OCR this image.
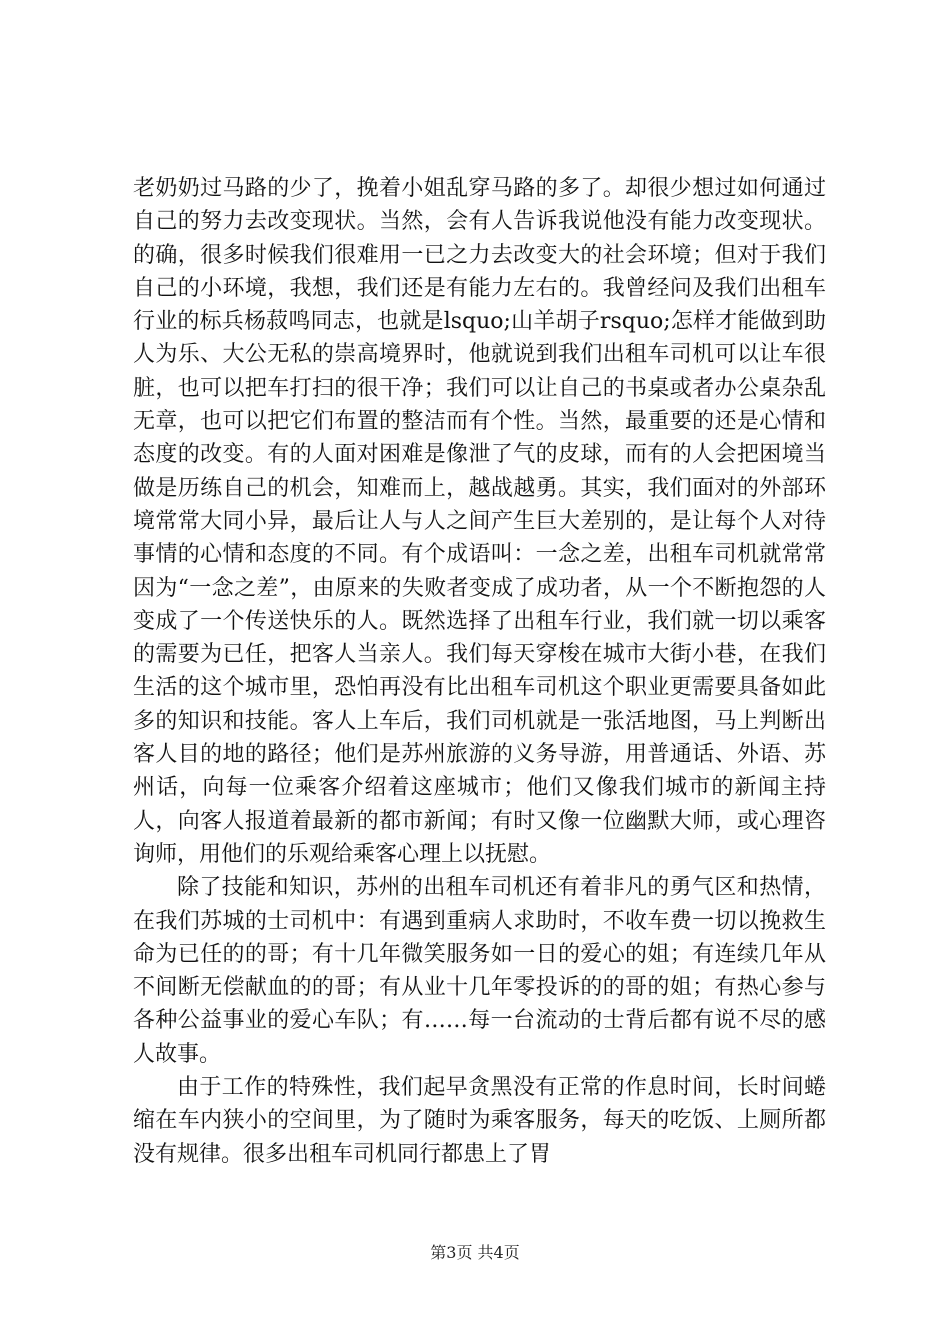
老奶奶过马路的少了，挽着小姐乱穿马路的多了。却很少想过如何通过自己的努力去改变现状。当然，会有人告诉我说他没有能力改变现状。的确，很多时候我们很难用一已之力去改变大的社会环境；但对于我们自己的小环境，我想，我们还是有能力左右的。我曾经问及我们出租车行业的标兵杨菽鸣同志，也就是lsquo;山羊胡子rsquo;怎样才能做到助人为乐、大公无私的崇高境界时，他就说到我们出租车司机可以让车很脏，也可以把车打扫的很干净；我们可以让自己的书桌或者办公桌杂乱无章，也可以把它们布置的整洁而有个性。当然，最重要的还是心情和态度的改变。有的人面对困难是像泄了气的皮球，而有的人会把困境当做是历练自己的机会，知难而上，越战越勇。其实，我们面对的外部环境常常大同小异，最后让人与人之间产生巨大差别的，是让每个人对待事情的心情和态度的不同。有个成语叫：一念之差，出租车司机就常常因为“一念之差”，由原来的失败者变成了成功者，从一个不断抱怨的人变成了一个传送快乐的人。既然选择了出租车行业，我们就一切以乘客的需要为已任，把客人当亲人。我们每天穿梭在城市大街小巷，在我们生活的这个城市里，恐怕再没有比出租车司机这个职业更需要具备如此多的知识和技能。客人上车后，我们司机就是一张活地图，马上判断出客人目的地的路径；他们是苏州旅游的义务导游，用普通话、外语、苏州话，向每一位乘客介绍着这座城市；他们又像我们城市的新闻主持人，向客人报道着最新的都市新闻；有时又像一位幽默大师，或心理咨询师，用他们的乐观给乘客心理上以抚慰。

除了技能和知识，苏州的出租车司机还有着非凡的勇气区和热情，在我们苏城的士司机中：有遇到重病人求助时，不收车费一切以挽救生命为已任的的哥；有十几年微笑服务如一日的爱心的姐；有连续几年从不间断无偿献血的的哥；有从业十几年零投诉的的哥的姐；有热心参与各种公益事业的爱心车队；有……每一台流动的士背后都有说不尽的感人故事。

由于工作的特殊性，我们起早贪黑没有正常的作息时间，长时间蜷缩在车内狭小的空间里，为了随时为乘客服务，每天的吃饭、上厕所都没有规律。很多出租车司机同行都患上了胃

第3页 共4页
